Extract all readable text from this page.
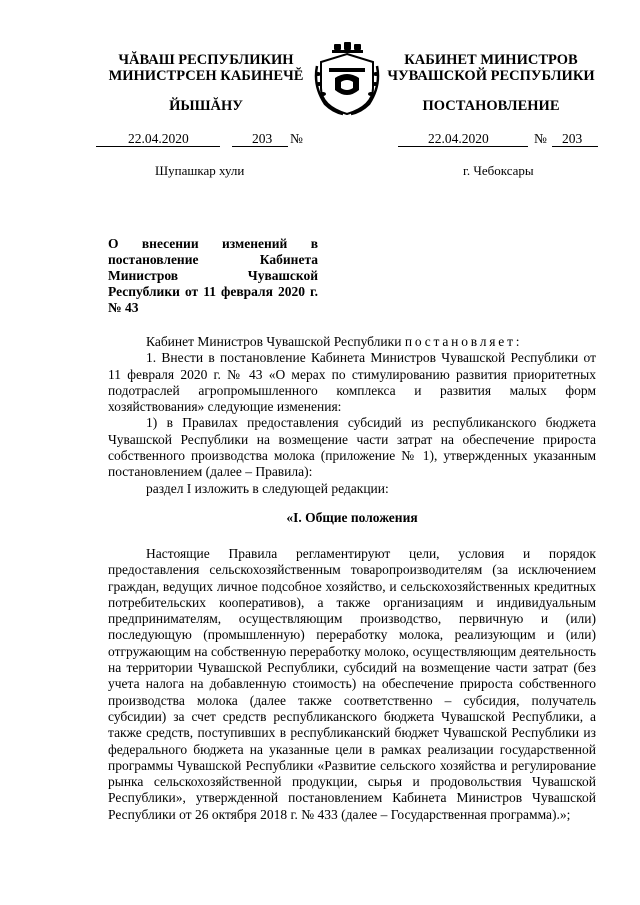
ЧĂВАШ РЕСПУБЛИКИН
МИНИСТРСЕН КАБИНЕЧĔ
ЙЫШĂНУ
КАБИНЕТ МИНИСТРОВ
ЧУВАШСКОЙ РЕСПУБЛИКИ
ПОСТАНОВЛЕНИЕ
22.04.2020	203 №
Шупашкар хули
22.04.2020	№ 203
г. Чебоксары
О внесении изменений в постановление Кабинета Министров Чувашской Республики от 11 февраля 2020 г. № 43

Кабинет Министров Чувашской Республики постановляет:

1. Внести в постановление Кабинета Министров Чувашской Республики от 11 февраля 2020 г. № 43 «О мерах по стимулированию развития приоритетных подотраслей агропромышленного комплекса и развития малых форм хозяйствования» следующие изменения:

1) в Правилах предоставления субсидий из республиканского бюджета Чувашской Республики на возмещение части затрат на обеспечение прироста собственного производства молока (приложение № 1), утвержденных указанным постановлением (далее – Правила):

раздел I изложить в следующей редакции:

«I. Общие положения

Настоящие Правила регламентируют цели, условия и порядок предоставления сельскохозяйственным товаропроизводителям (за исключением граждан, ведущих личное подсобное хозяйство, и сельскохозяйственных кредитных потребительских кооперативов), а также организациям и индивидуальным предпринимателям, осуществляющим производство, первичную и (или) последующую (промышленную) переработку молока, реализующим и (или) отгружающим на собственную переработку молоко, осуществляющим деятельность на территории Чувашской Республики, субсидий на возмещение части затрат (без учета налога на добавленную стоимость) на обеспечение прироста собственного производства молока (далее также соответственно – субсидия, получатель субсидии) за счет средств республиканского бюджета Чувашской Республики, а также средств, поступивших в республиканский бюджет Чувашской Республики из федерального бюджета на указанные цели в рамках реализации государственной программы Чувашской Республики «Развитие сельского хозяйства и регулирование рынка сельскохозяйственной продукции, сырья и продовольствия Чувашской Республики», утвержденной постановлением Кабинета Министров Чувашской Республики от 26 октября 2018 г. № 433 (далее – Государственная программа).»;
